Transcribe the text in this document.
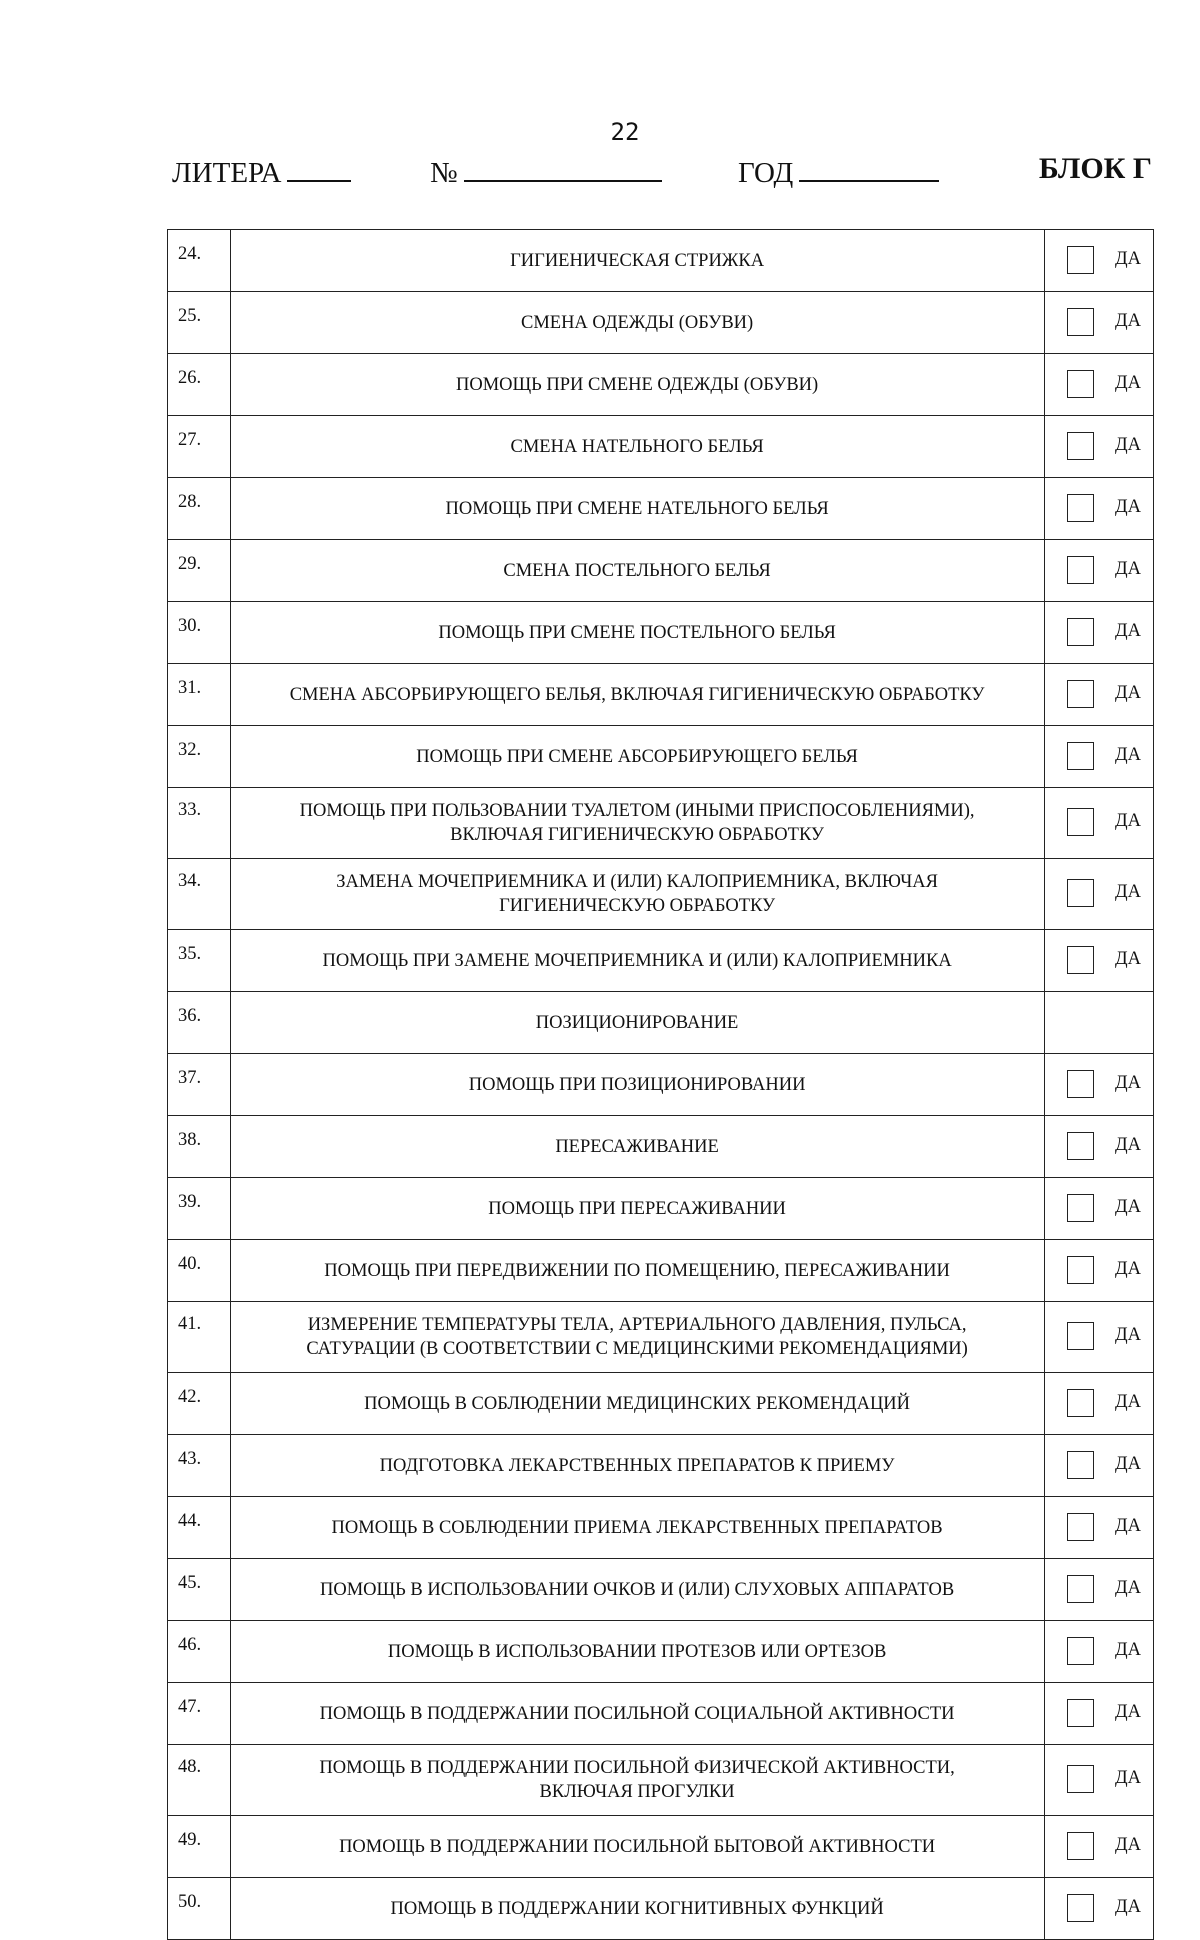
22
ЛИТЕРА	№	ГОД	БЛОК Г
24.	ГИГИЕНИЧЕСКАЯ СТРИЖКА	ДА

25.	СМЕНА ОДЕЖДЫ (ОБУВИ)	ДА

26.	ПОМОЩЬ ПРИ СМЕНЕ ОДЕЖДЫ (ОБУВИ)	ДА

27.	СМЕНА НАТЕЛЬНОГО БЕЛЬЯ	ДА

28.	ПОМОЩЬ ПРИ СМЕНЕ НАТЕЛЬНОГО БЕЛЬЯ	ДА

29.	СМЕНА ПОСТЕЛЬНОГО БЕЛЬЯ	ДА

30.	ПОМОЩЬ ПРИ СМЕНЕ ПОСТЕЛЬНОГО БЕЛЬЯ	ДА

31.	СМЕНА АБСОРБИРУЮЩЕГО БЕЛЬЯ, ВКЛЮЧАЯ ГИГИЕНИЧЕСКУЮ ОБРАБОТКУ	ДА

32.	ПОМОЩЬ ПРИ СМЕНЕ АБСОРБИРУЮЩЕГО БЕЛЬЯ	ДА

33.	ПОМОЩЬ ПРИ ПОЛЬЗОВАНИИ ТУАЛЕТОМ (ИНЫМИ ПРИСПОСОБЛЕНИЯМИ),
ВКЛЮЧАЯ ГИГИЕНИЧЕСКУЮ ОБРАБОТКУ	ДА

34.	ЗАМЕНА МОЧЕПРИЕМНИКА И (ИЛИ) КАЛОПРИЕМНИКА, ВКЛЮЧАЯ
ГИГИЕНИЧЕСКУЮ ОБРАБОТКУ	ДА

35.	ПОМОЩЬ ПРИ ЗАМЕНЕ МОЧЕПРИЕМНИКА И (ИЛИ) КАЛОПРИЕМНИКА	ДА

36.	ПОЗИЦИОНИРОВАНИЕ	
37.	ПОМОЩЬ ПРИ ПОЗИЦИОНИРОВАНИИ	ДА

38.	ПЕРЕСАЖИВАНИЕ	ДА

39.	ПОМОЩЬ ПРИ ПЕРЕСАЖИВАНИИ	ДА

40.	ПОМОЩЬ ПРИ ПЕРЕДВИЖЕНИИ ПО ПОМЕЩЕНИЮ, ПЕРЕСАЖИВАНИИ	ДА

41.	ИЗМЕРЕНИЕ ТЕМПЕРАТУРЫ ТЕЛА, АРТЕРИАЛЬНОГО ДАВЛЕНИЯ, ПУЛЬСА,
САТУРАЦИИ (В СООТВЕТСТВИИ С МЕДИЦИНСКИМИ РЕКОМЕНДАЦИЯМИ)	ДА

42.	ПОМОЩЬ В СОБЛЮДЕНИИ МЕДИЦИНСКИХ РЕКОМЕНДАЦИЙ	ДА

43.	ПОДГОТОВКА ЛЕКАРСТВЕННЫХ ПРЕПАРАТОВ К ПРИЕМУ	ДА

44.	ПОМОЩЬ В СОБЛЮДЕНИИ ПРИЕМА ЛЕКАРСТВЕННЫХ ПРЕПАРАТОВ	ДА

45.	ПОМОЩЬ В ИСПОЛЬЗОВАНИИ ОЧКОВ И (ИЛИ) СЛУХОВЫХ АППАРАТОВ	ДА

46.	ПОМОЩЬ В ИСПОЛЬЗОВАНИИ ПРОТЕЗОВ ИЛИ ОРТЕЗОВ	ДА

47.	ПОМОЩЬ В ПОДДЕРЖАНИИ ПОСИЛЬНОЙ СОЦИАЛЬНОЙ АКТИВНОСТИ	ДА

48.	ПОМОЩЬ В ПОДДЕРЖАНИИ ПОСИЛЬНОЙ ФИЗИЧЕСКОЙ АКТИВНОСТИ,
ВКЛЮЧАЯ ПРОГУЛКИ	ДА

49.	ПОМОЩЬ В ПОДДЕРЖАНИИ ПОСИЛЬНОЙ БЫТОВОЙ АКТИВНОСТИ	ДА

50.	ПОМОЩЬ В ПОДДЕРЖАНИИ КОГНИТИВНЫХ ФУНКЦИЙ	ДА
